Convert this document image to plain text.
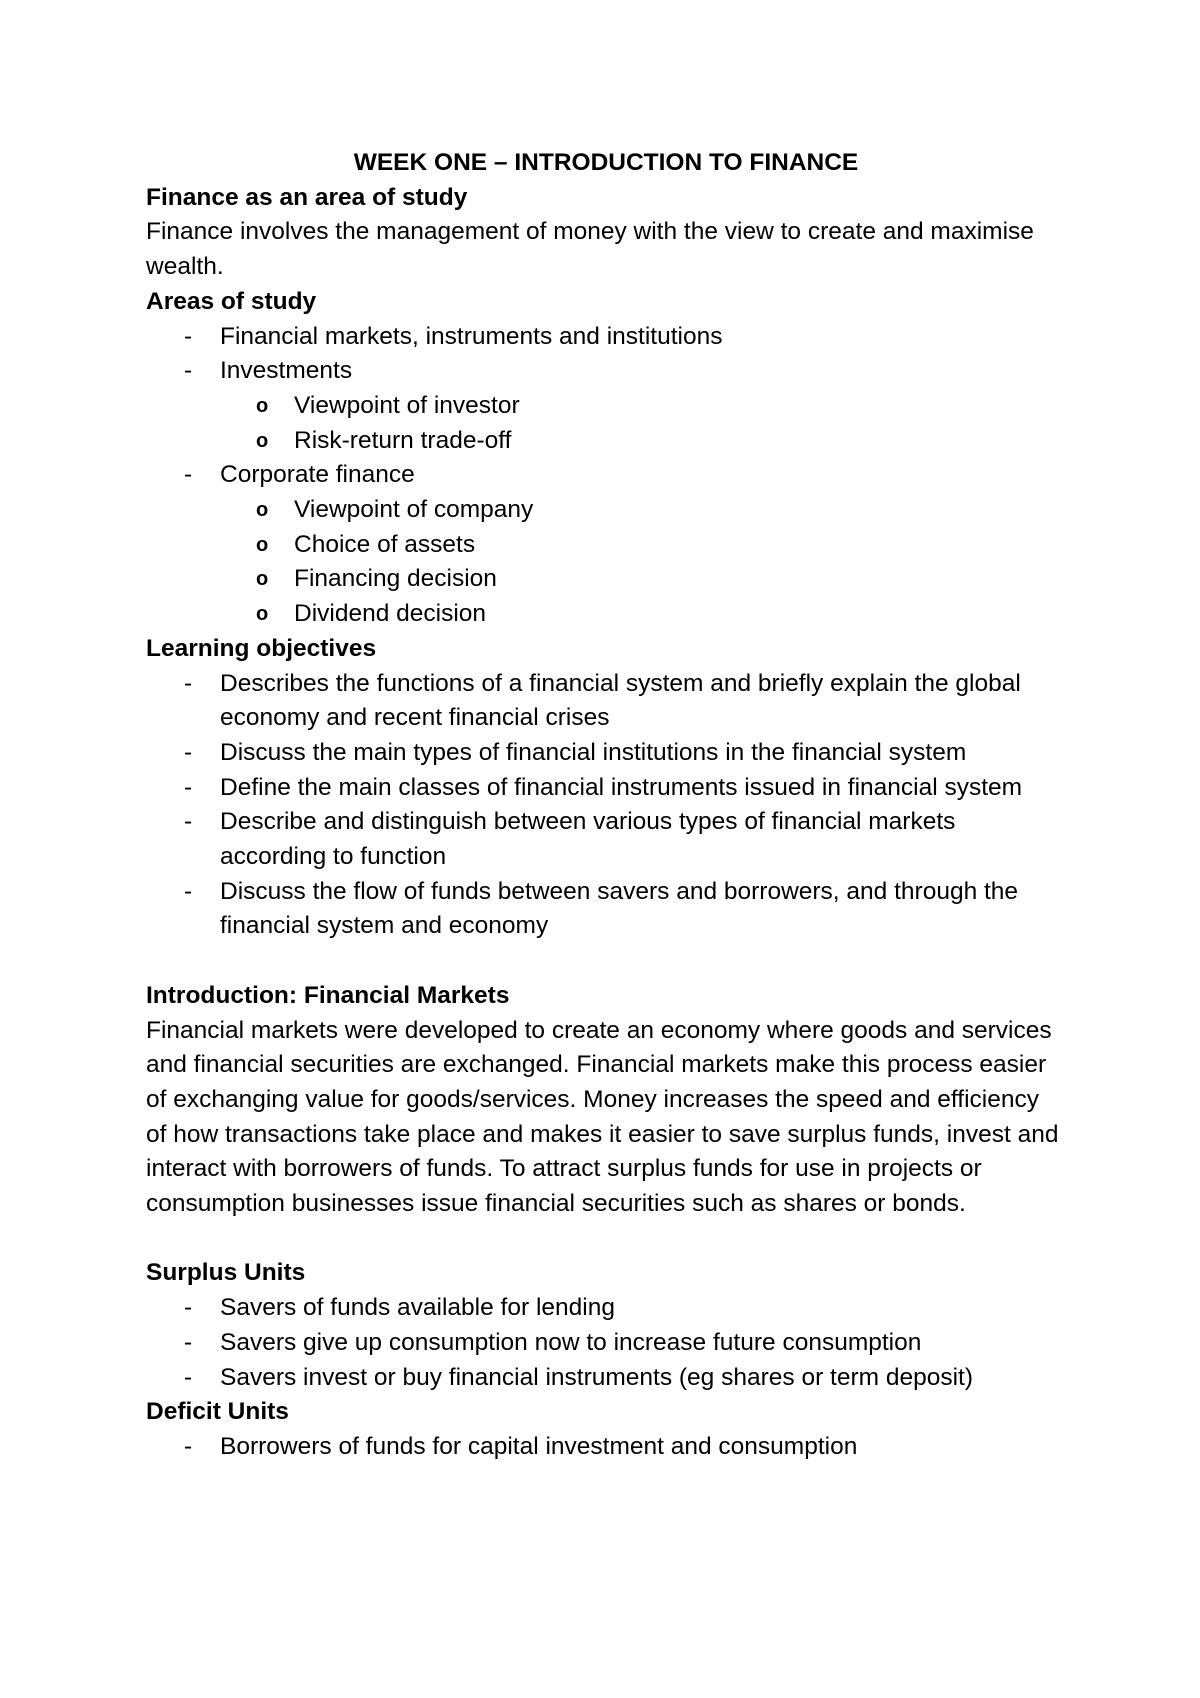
WEEK ONE – INTRODUCTION TO FINANCE

Finance as an area of study

Finance involves the management of money with the view to create and maximise wealth.

Areas of study

- Financial markets, instruments and institutions
- Investments
o Viewpoint of investor
o Risk-return trade-off
- Corporate finance
o Viewpoint of company
o Choice of assets
o Financing decision
o Dividend decision

Learning objectives

- Describes the functions of a financial system and briefly explain the global economy and recent financial crises
- Discuss the main types of financial institutions in the financial system
- Define the main classes of financial instruments issued in financial system
- Describe and distinguish between various types of financial markets according to function
- Discuss the flow of funds between savers and borrowers, and through the financial system and economy

Introduction: Financial Markets

Financial markets were developed to create an economy where goods and services and financial securities are exchanged. Financial markets make this process easier of exchanging value for goods/services. Money increases the speed and efficiency of how transactions take place and makes it easier to save surplus funds, invest and interact with borrowers of funds. To attract surplus funds for use in projects or consumption businesses issue financial securities such as shares or bonds.

Surplus Units

- Savers of funds available for lending
- Savers give up consumption now to increase future consumption
- Savers invest or buy financial instruments (eg shares or term deposit)

Deficit Units

- Borrowers of funds for capital investment and consumption
